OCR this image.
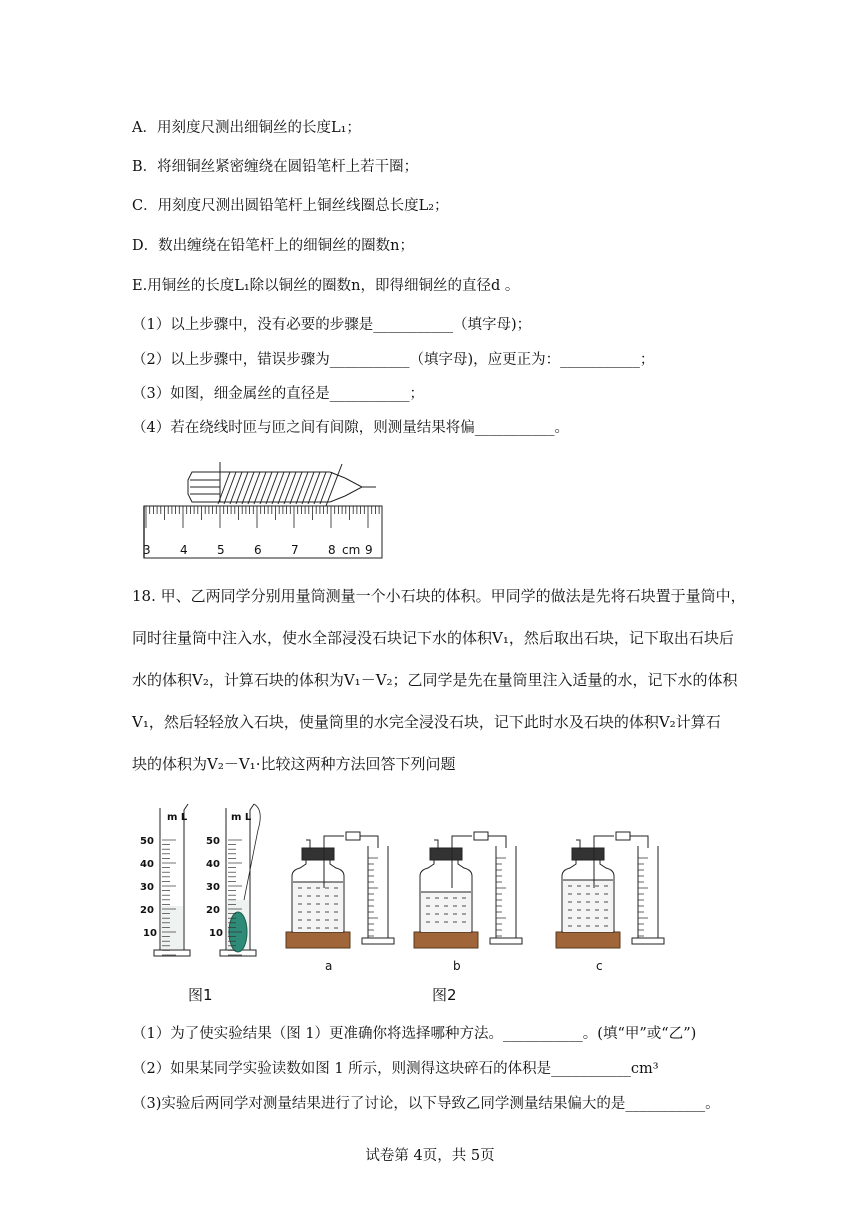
A．用刻度尺测出细铜丝的长度L₁；
B．将细铜丝紧密缠绕在圆铅笔杆上若干圈；
C．用刻度尺测出圆铅笔杆上铜丝线圈总长度L₂；
D．数出缠绕在铅笔杆上的细铜丝的圈数n；
E.用铜丝的长度L₁除以铜丝的圈数n，即得细铜丝的直径d 。
（1）以上步骤中，没有必要的步骤是___________（填字母)；
（2）以上步骤中，错误步骤为___________（填字母)，应更正为：___________；
（3）如图，细金属丝的直径是___________；
（4）若在绕线时匝与匝之间有间隙，则测量结果将偏___________。
3 4 5 6 7 8 cm 9
18. 甲、乙两同学分别用量筒测量一个小石块的体积。甲同学的做法是先将石块置于量筒中，
同时往量筒中注入水，使水全部浸没石块记下水的体积V₁，然后取出石块，记下取出石块后
水的体积V₂，计算石块的体积为V₁－V₂；乙同学是先在量筒里注入适量的水，记下水的体积
V₁，然后轻轻放入石块，使量筒里的水完全浸没石块，记下此时水及石块的体积V₂计算石
块的体积为V₂－V₁·比较这两种方法回答下列问题
m L	m L
50
40
30
20
10
50
40
30
20
10
a	b	c
图1	图2
（1）为了使实验结果（图 1）更准确你将选择哪种方法。___________。(填“甲”或“乙”)
（2）如果某同学实验读数如图 1 所示，则测得这块碎石的体积是___________cm³
（3)实验后两同学对测量结果进行了讨论，以下导致乙同学测量结果偏大的是___________。
试卷第 4页，共 5页
